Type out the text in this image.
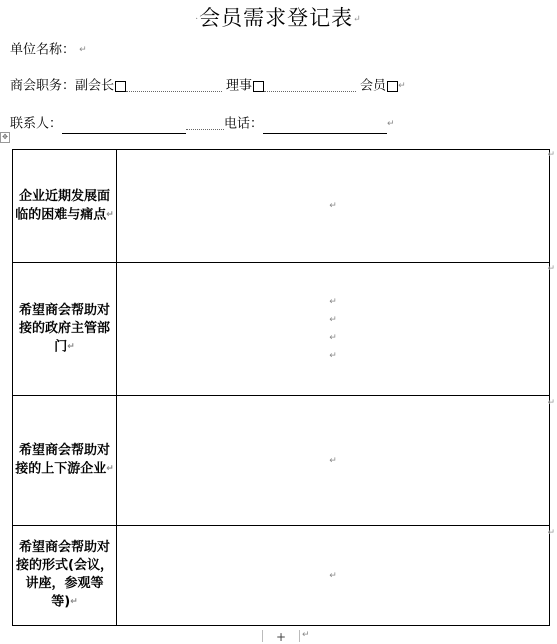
·会员需求登记表↵
单位名称： ↵
商会职务：副会长	理事	会员 ↵
联系人：	电话：	↵
✥
企业近期发展面临的困难与痛点↵	↵
希望商会帮助对接的政府主管部门↵	↵
↵
↵
↵
希望商会帮助对接的上下游企业↵	↵
希望商会帮助对接的形式(会议，讲座，参观等等)↵	↵
↵
↵
↵
↵
+	↵
